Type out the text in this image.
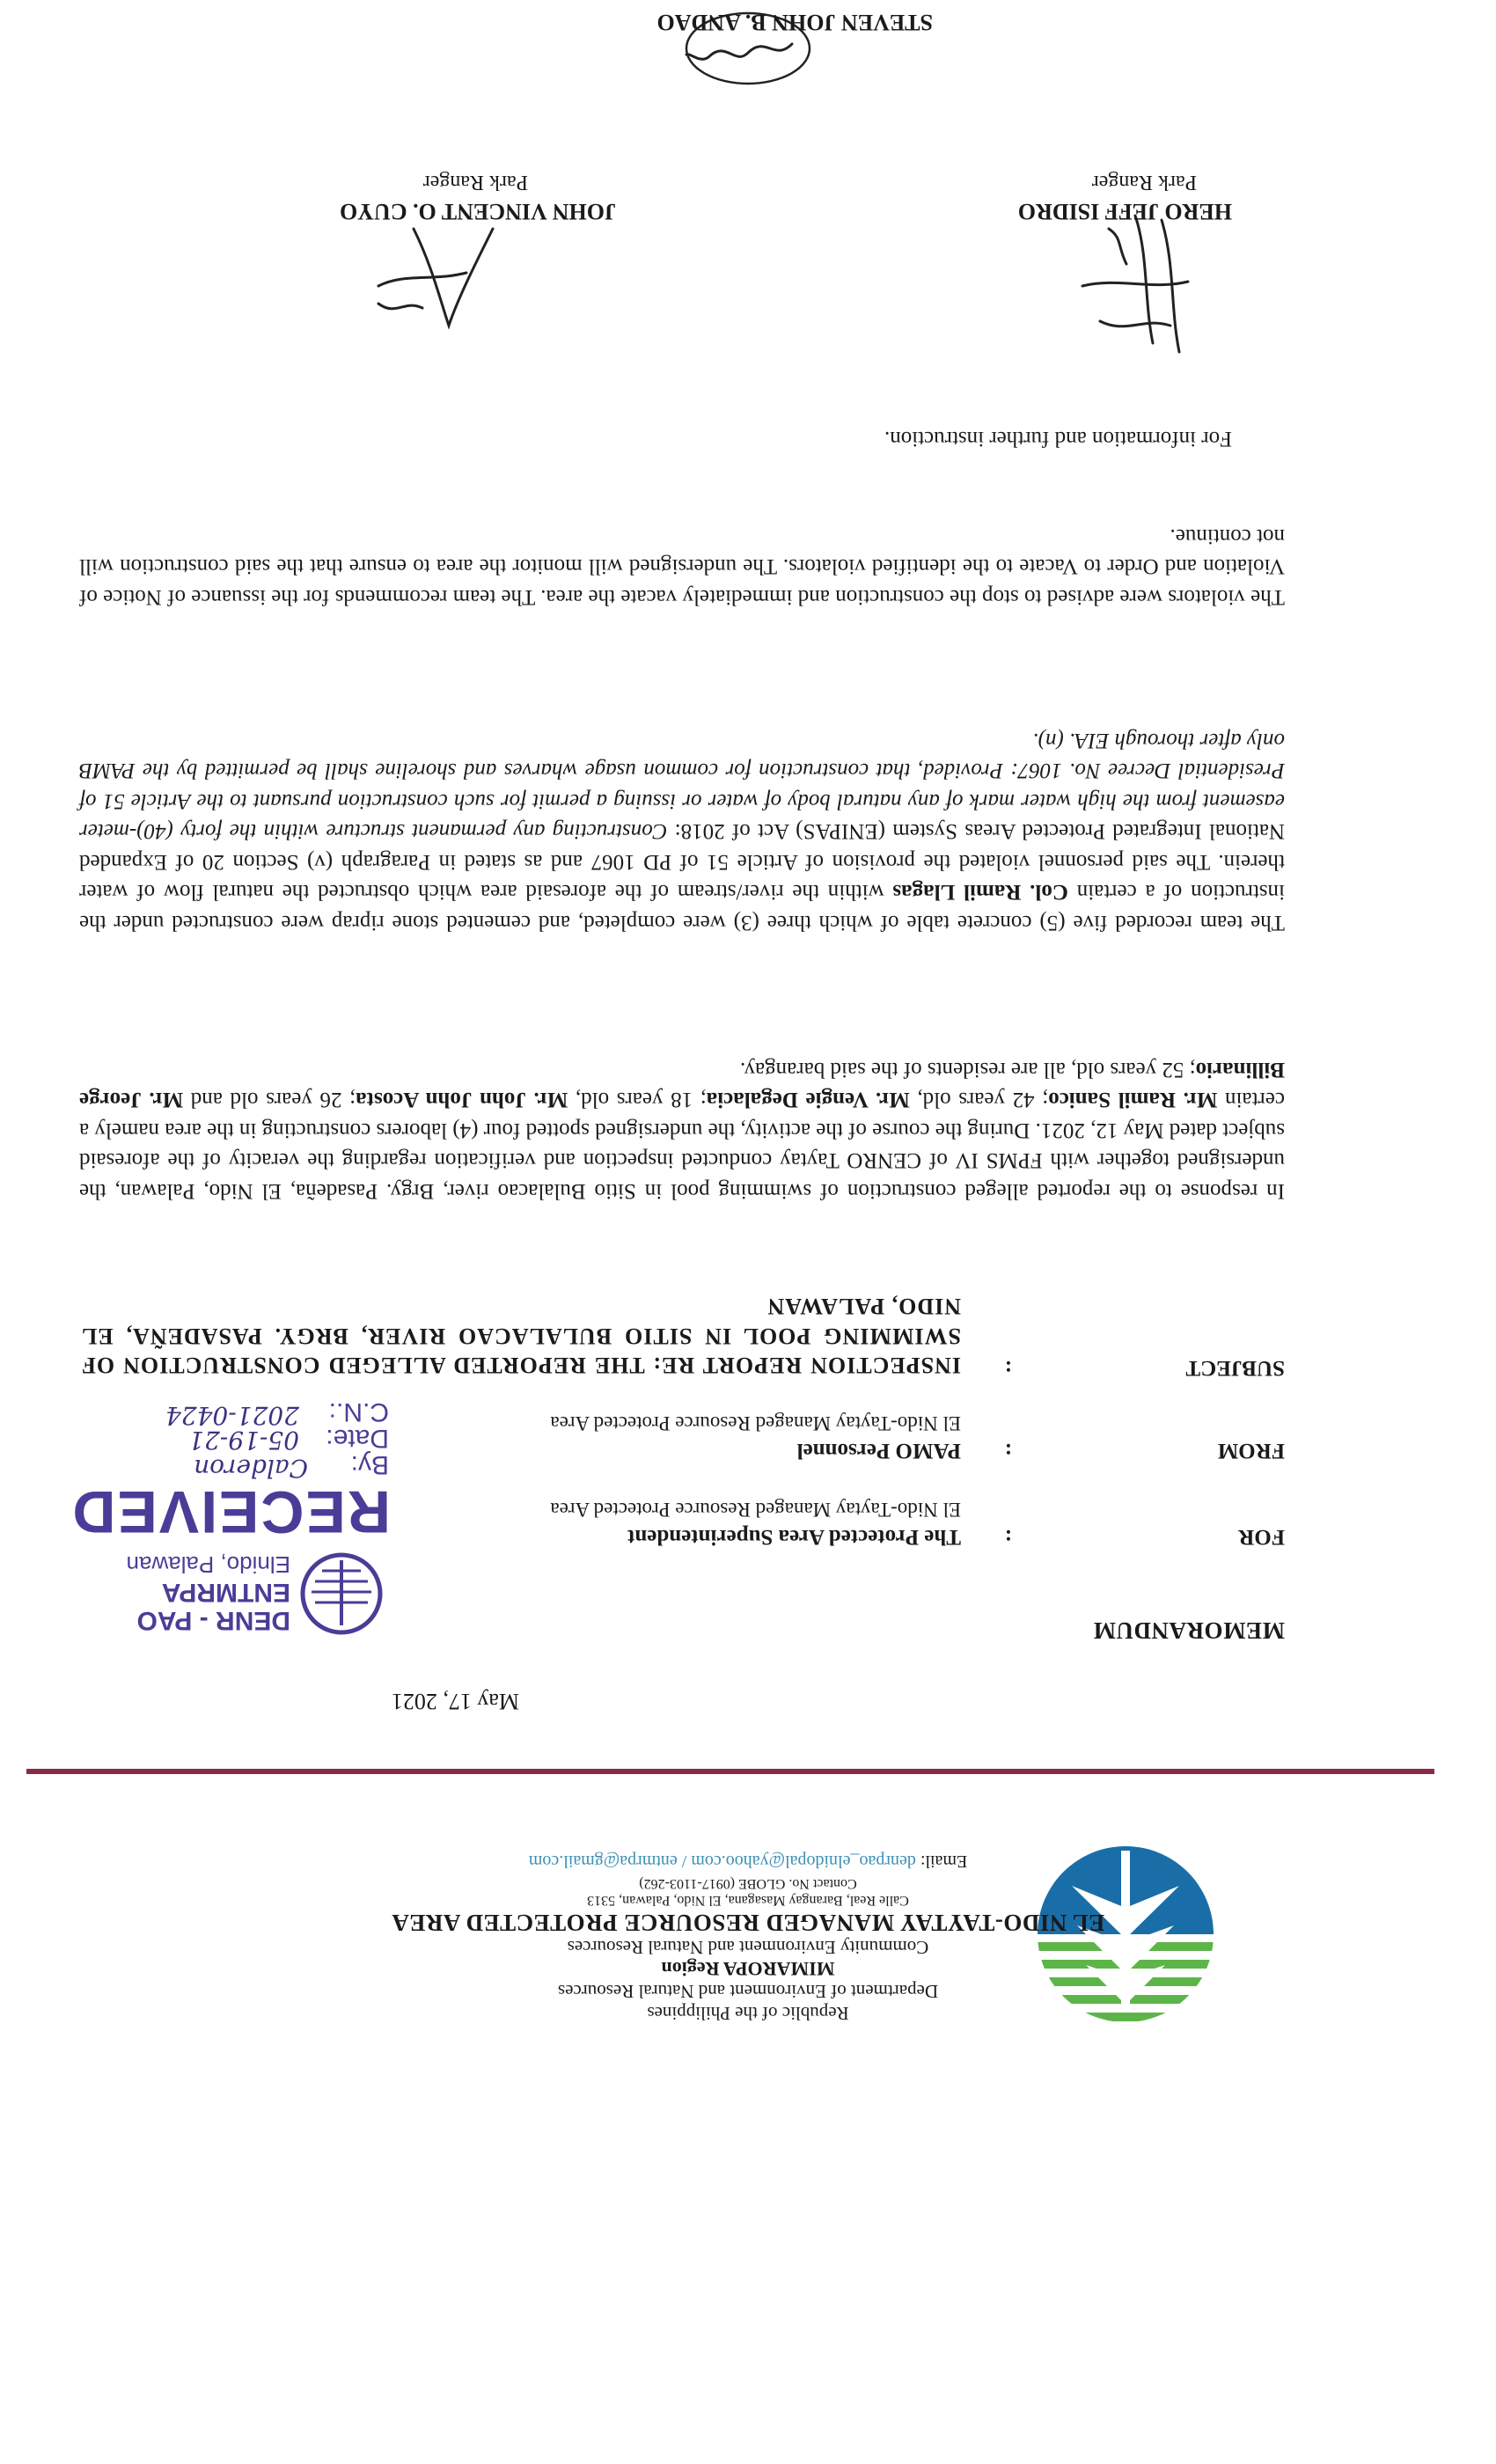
Republic of the Philippines
Department of Environment and Natural Resources
MIMAROPA Region
Community Environment and Natural Resources
EL NIDO-TAYTAY MANAGED RESOURCE PROTECTED AREA
Calle Real, Barangay Masagana, El Nido, Palawan, 5313
Contact No. GLOBE (0917-1103-262)
Email: denrpao_elnidopal@yahoo.com / entmrpa@gmail.com
May 17, 2021
MEMORANDUM
DENR - PAO
ENTMRPA
Elnido, Palawan
RECEIVED
By:
Calderon
Date:
05-19-21
C.N.:
2021-0424
FOR
:
The Protected Area Superintendent
El Nido-Taytay Managed Resource Protected Area
FROM
:
PAMO Personnel
El Nido-Taytay Managed Resource Protected Area
SUBJECT
:
INSPECTION REPORT RE: THE REPORTED ALLEGED CONSTRUCTION OF SWIMMING POOL IN SITIO BULALACAO RIVER, BRGY. PASADEÑA, EL NIDO, PALAWAN
In response to the reported alleged construction of swimming pool in Sitio Bulalacao river, Brgy. Pasadeña, El Nido, Palawan, the undersigned together with FPMS IV of CENRO Taytay conducted inspection and verification regarding the veracity of the aforesaid subject dated May 12, 2021. During the course of the activity, the undersigned spotted four (4) laborers constructing in the area namely a certain Mr. Ramil Sanico; 42 years old, Mr. Vengie Degalacia; 18 years old, Mr. John John Acosta; 26 years old and Mr. Jeorge Billinario; 52 years old, all are residents of the said barangay.
The team recorded five (5) concrete table of which three (3) were completed, and cemented stone riprap were constructed under the instruction of a certain Col. Ramil Llagas within the river/stream of the aforesaid area which obstructed the natural flow of water therein. The said personnel violated the provision of Article 51 of PD 1067 and as stated in Paragraph (v) Section 20 of Expanded National Integrated Protected Areas System (ENIPAS) Act of 2018: Constructing any permanent structure within the forty (40)-meter easement from the high water mark of any natural body of water or issuing a permit for such construction pursuant to the Article 51 of Presidential Decree No. 1067: Provided, that construction for common usage wharves and shoreline shall be permitted by the PAMB only after thorough EIA. (n).
The violators were advised to stop the construction and immediately vacate the area. The team recommends for the issuance of Notice of Violation and Order to Vacate to the identified violators. The undersigned will monitor the area to ensure that the said construction will not continue.
For information and further instruction.
HERO JEFF ISIDRO
Park Ranger
JOHN VINCENT O. CUYO
Park Ranger
STEVEN JOHN B. ANDAO
